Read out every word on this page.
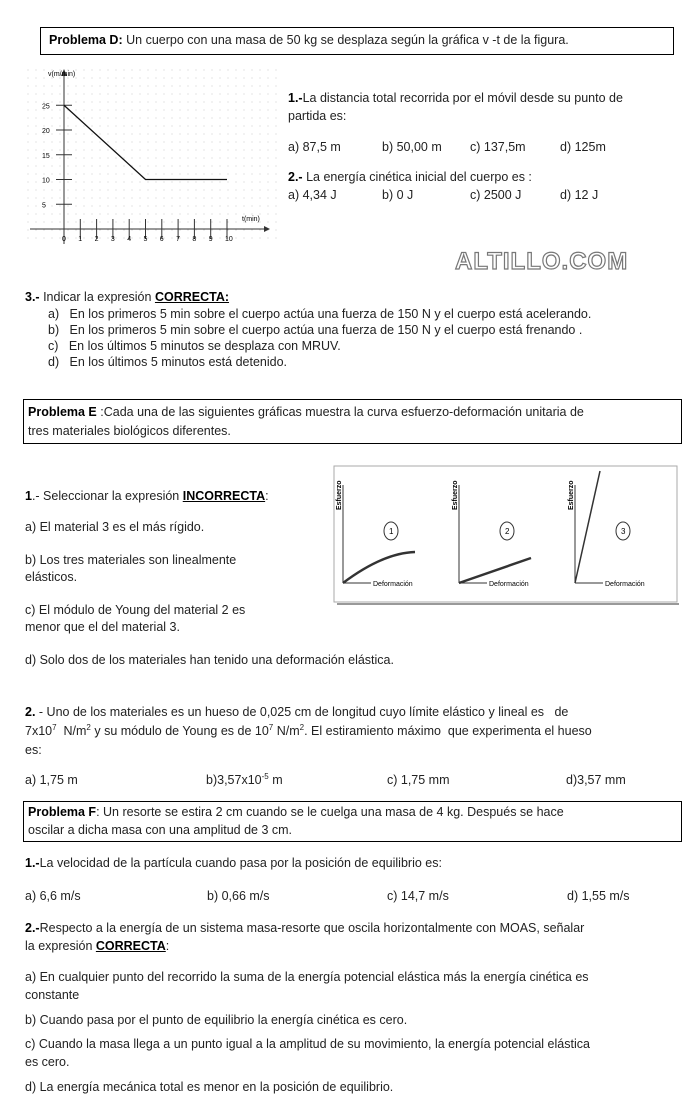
Problema D: Un cuerpo con una masa de 50 kg se desplaza según la gráfica v -t de la figura.
v(m/min)
t(min)
5
10
15
20
25
0 1 2 3 4 5 6 7 8 9 10
1.-La distancia total recorrida por el móvil desde su punto de
partida es:
a) 87,5 m	b) 50,00 m c) 137,5m	d) 125m
2.- La energía cinética inicial del cuerpo es :
a) 4,34 J	b) 0 J	c) 2500 J	d) 12 J
ALTILLO.COM
3.- Indicar la expresión CORRECTA:
a)   En los primeros 5 min sobre el cuerpo actúa una fuerza de 150 N y el cuerpo está acelerando.
b)   En los primeros 5 min sobre el cuerpo actúa una fuerza de 150 N y el cuerpo está frenando .
c)   En los últimos 5 minutos se desplaza con MRUV.
d)   En los últimos 5 minutos está detenido.
Problema E :Cada una de las siguientes gráficas muestra la curva esfuerzo-deformación unitaria de
tres materiales biológicos diferentes.
1.- Seleccionar la expresión INCORRECTA:
a) El material 3 es el más rígido.
b) Los tres materiales son linealmente
elásticos.
c) El módulo de Young del material 2 es
menor que el del material 3.
d) Solo dos de los materiales han tenido una deformación elástica.
Deformación
Esfuerzo
1
Deformación
Esfuerzo
2
Deformación
Esfuerzo
3
2. - Uno de los materiales es un hueso de 0,025 cm de longitud cuyo límite elástico y lineal es   de
$7x10^7$  $N/m^2$ y su módulo de Young es de $10^7$ $N/m^2$. El estiramiento máximo  que experimenta el hueso
es:
a) 1,75 m	$b)3,57x10^{-5}$ m	c) 1,75 mm	d)3,57 mm
Problema F: Un resorte se estira 2 cm cuando se le cuelga una masa de 4 kg. Después se hace
oscilar a dicha masa con una amplitud de 3 cm.
1.-La velocidad de la partícula cuando pasa por la posición de equilibrio es:
a) 6,6 m/s	b) 0,66 m/s	c) 14,7 m/s	d) 1,55 m/s
2.-Respecto a la energía de un sistema masa-resorte que oscila horizontalmente con MOAS, señalar
la expresión CORRECTA:
a) En cualquier punto del recorrido la suma de la energía potencial elástica más la energía cinética es
constante
b) Cuando pasa por el punto de equilibrio la energía cinética es cero.
c) Cuando la masa llega a un punto igual a la amplitud de su movimiento, la energía potencial elástica
es cero.
d) La energía mecánica total es menor en la posición de equilibrio.
